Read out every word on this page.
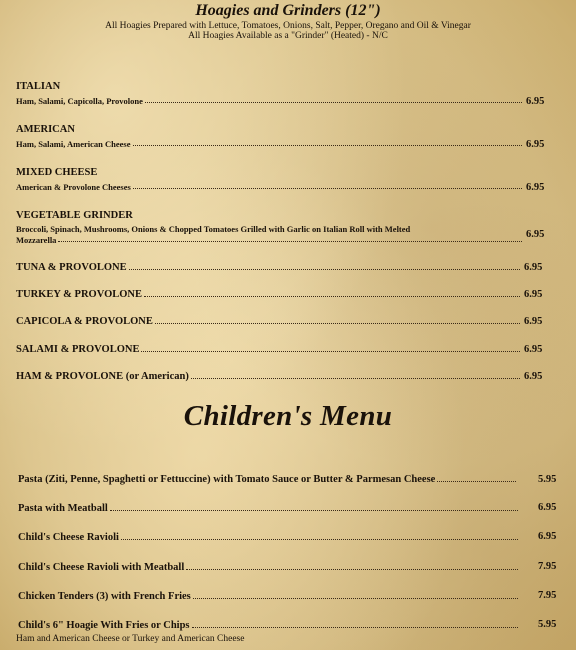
Hoagies and Grinders (12")
All Hoagies Prepared with Lettuce, Tomatoes, Onions, Salt, Pepper, Oregano and Oil & Vinegar
All Hoagies Available as a "Grinder" (Heated) - N/C
ITALIAN
Ham, Salami, Capicolla, Provolone	6.95
AMERICAN
Ham, Salami, American Cheese	6.95
MIXED CHEESE
American & Provolone Cheeses	6.95
VEGETABLE GRINDER
Broccoli, Spinach, Mushrooms, Onions & Chopped Tomatoes Grilled with Garlic on Italian Roll with Melted
Mozzarella	6.95
TUNA & PROVOLONE	6.95
TURKEY & PROVOLONE	6.95
CAPICOLA & PROVOLONE	6.95
SALAMI & PROVOLONE	6.95
HAM & PROVOLONE (or American)	6.95
Children's Menu
Pasta (Ziti, Penne, Spaghetti or Fettuccine) with Tomato Sauce or Butter & Parmesan Cheese	5.95
Pasta with Meatball	6.95
Child's Cheese Ravioli	6.95
Child's Cheese Ravioli with Meatball	7.95
Chicken Tenders (3) with French Fries	7.95
Child's 6" Hoagie With Fries or Chips	5.95
Ham and American Cheese or Turkey and American Cheese
